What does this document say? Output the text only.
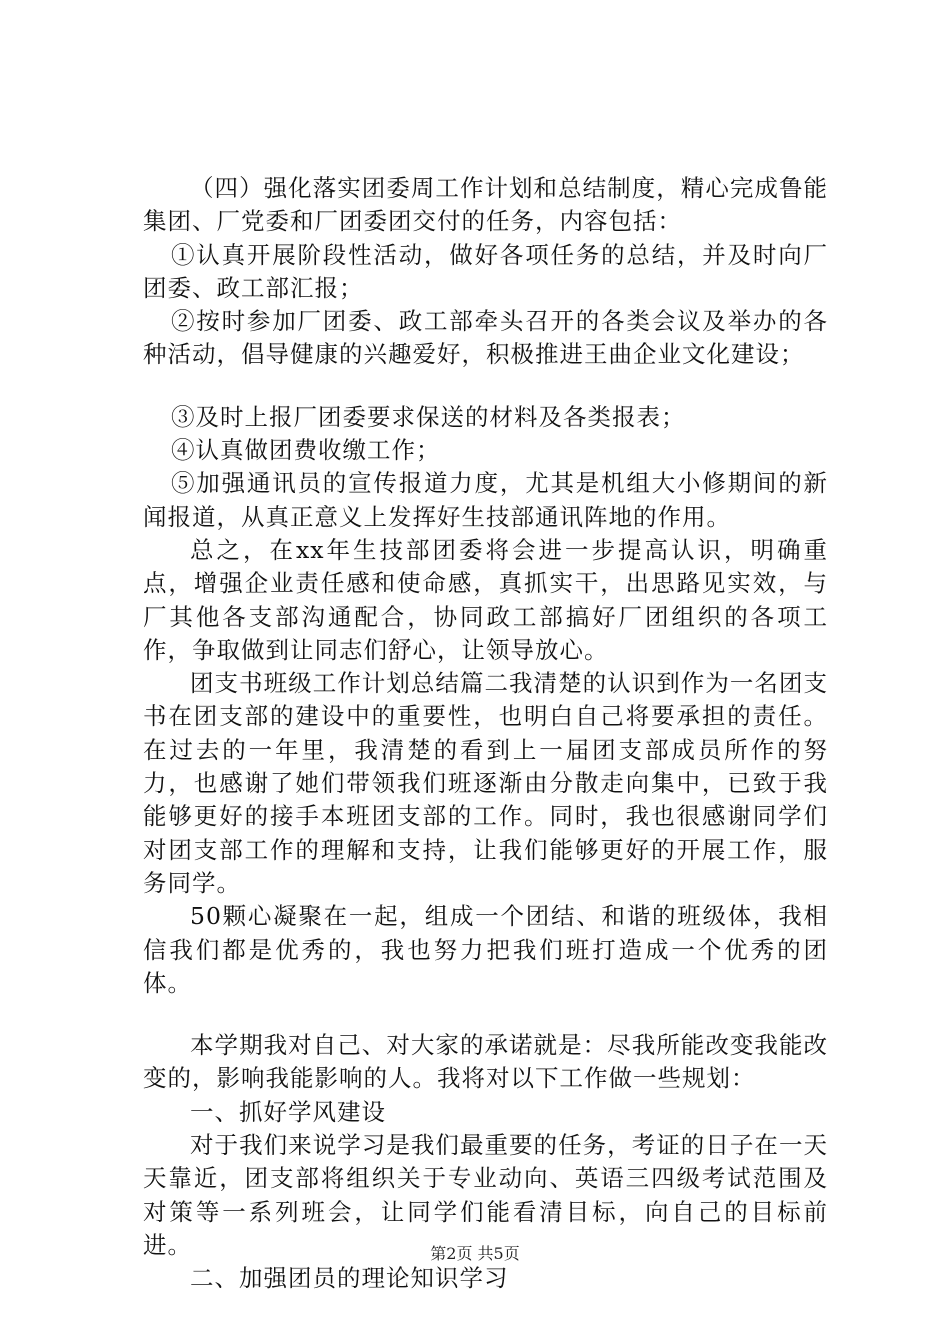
（四）强化落实团委周工作计划和总结制度，精心完成鲁能集团、厂党委和厂团委团交付的任务，内容包括：

①认真开展阶段性活动，做好各项任务的总结，并及时向厂团委、政工部汇报；

②按时参加厂团委、政工部牵头召开的各类会议及举办的各种活动，倡导健康的兴趣爱好，积极推进王曲企业文化建设；

③及时上报厂团委要求保送的材料及各类报表；

④认真做团费收缴工作；

⑤加强通讯员的宣传报道力度，尤其是机组大小修期间的新闻报道，从真正意义上发挥好生技部通讯阵地的作用。

总之，在xx年生技部团委将会进一步提高认识，明确重点，增强企业责任感和使命感，真抓实干，出思路见实效，与厂其他各支部沟通配合，协同政工部搞好厂团组织的各项工作，争取做到让同志们舒心，让领导放心。

团支书班级工作计划总结篇二我清楚的认识到作为一名团支书在团支部的建设中的重要性，也明白自己将要承担的责任。在过去的一年里，我清楚的看到上一届团支部成员所作的努力，也感谢了她们带领我们班逐渐由分散走向集中，已致于我能够更好的接手本班团支部的工作。同时，我也很感谢同学们对团支部工作的理解和支持，让我们能够更好的开展工作，服务同学。

50颗心凝聚在一起，组成一个团结、和谐的班级体，我相信我们都是优秀的，我也努力把我们班打造成一个优秀的团体。

本学期我对自己、对大家的承诺就是：尽我所能改变我能改变的，影响我能影响的人。我将对以下工作做一些规划：

一、抓好学风建设

对于我们来说学习是我们最重要的任务，考证的日子在一天天靠近，团支部将组织关于专业动向、英语三四级考试范围及对策等一系列班会，让同学们能看清目标，向自己的目标前进。

二、加强团员的理论知识学习

第2页 共5页
